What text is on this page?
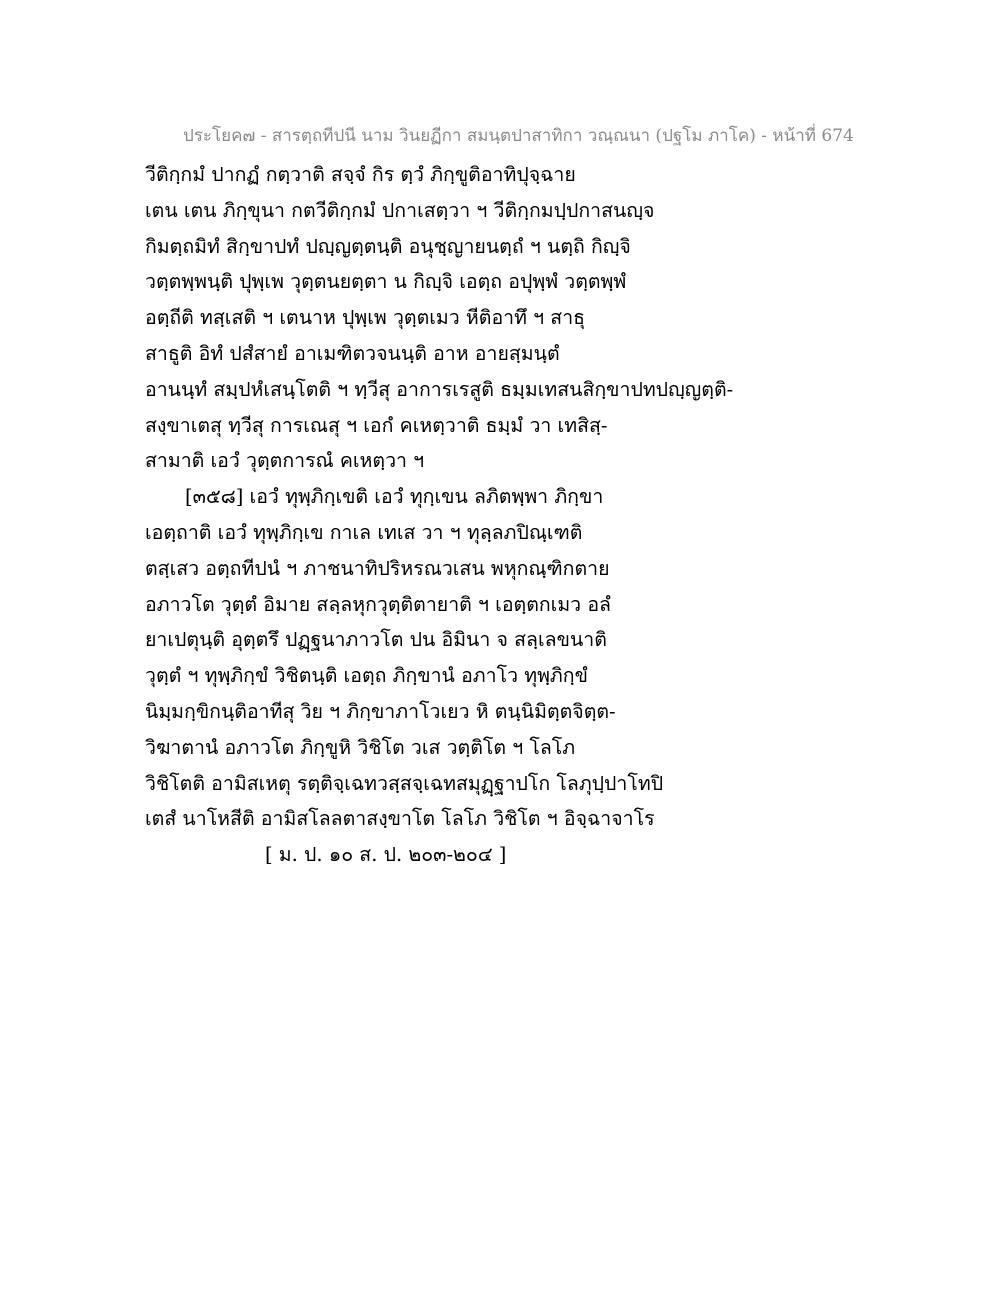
ประโยค๗ - สารตฺถทีปนี นาม วินยฏีกา สมนฺตปาสาทิกา วณฺณนา (ปฐโม ภาโค) - หน้าที่ 674
วีติกฺกมํ ปากฏํ กตฺวาติ สจฺจํ กิร ตฺวํ ภิกฺขูติอาทิปุจฺฉาย
เตน เตน ภิกฺขุนา กตวีติกฺกมํ ปกาเสตฺวา ฯ วีติกฺกมปฺปกาสนญฺจ
กิมตฺถมิทํ สิกฺขาปทํ ปญฺญตฺตนฺติ อนุชฺญายนตฺถํ ฯ นตฺถิ กิญฺจิ
วตฺตพฺพนฺติ ปุพฺเพ วุตฺตนยตฺตา น กิญฺจิ เอตฺถ อปุพฺพํ วตฺตพฺพํ
อตฺถีติ ทสฺเสติ ฯ เตนาห ปุพฺเพ วุตฺตเมว หีติอาทึ ฯ สาธุ
สาธูติ อิทํ ปสํสายํ อาเมฑิตวจนนฺติ อาห อายสฺมนฺตํ
อานนฺทํ สมฺปหํเสนฺโตติ ฯ ทฺวีสุ อาการเรสูติ ธมฺมเทสนสิกฺขาปทปญฺญตฺติ-
สงฺขาเตสุ ทฺวีสุ การเณสุ ฯ เอกํ คเหตฺวาติ ธมฺมํ วา เทสิสฺ-
สามาติ เอวํ วุตฺตการณํ คเหตฺวา ฯ
[๓๕๘] เอวํ ทุพฺภิกฺเขติ เอวํ ทุกฺเขน ลภิตพฺพา ภิกฺขา
เอตฺถาติ เอวํ ทุพฺภิกฺเข กาเล เทเส วา ฯ ทุลฺลภปิณฺเฑติ
ตสฺเสว อตฺถทีปนํ ฯ ภาชนาทิปริหรณวเสน พหุกณฺฑิกตาย
อภาวโต วุตฺตํ อิมาย สลฺลหุกวุตฺติตายาติ ฯ เอตฺตกเมว อลํ
ยาเปตุนฺติ อุตฺตรึ ปฏฺฐนาภาวโต ปน อิมินา จ สลฺเลขนาติ
วุตฺตํ ฯ ทุพฺภิกฺขํ วิชิตนฺติ เอตฺถ ภิกฺขานํ อภาโว ทุพฺภิกฺขํ
นิมฺมกฺขิกนฺติอาทีสุ วิย ฯ ภิกฺขาภาโวเยว หิ ตนฺนิมิตฺตจิตฺต-
วิฆาตานํ อภาวโต ภิกฺขูหิ วิชิโต วเส วตฺติโต ฯ โลโภ
วิชิโตติ อามิสเหตุ รตฺติจฺเฉทวสฺสจฺเฉทสมุฏฺฐาปโก โลภุปฺปาโทปิ
เตสํ นาโหสีติ อามิสโลลตาสงฺขาโต โลโภ วิชิโต ฯ อิจฺฉาจาโร
[ ม. ป. ๑๐ ส. ป. ๒๐๓-๒๐๔ ]
